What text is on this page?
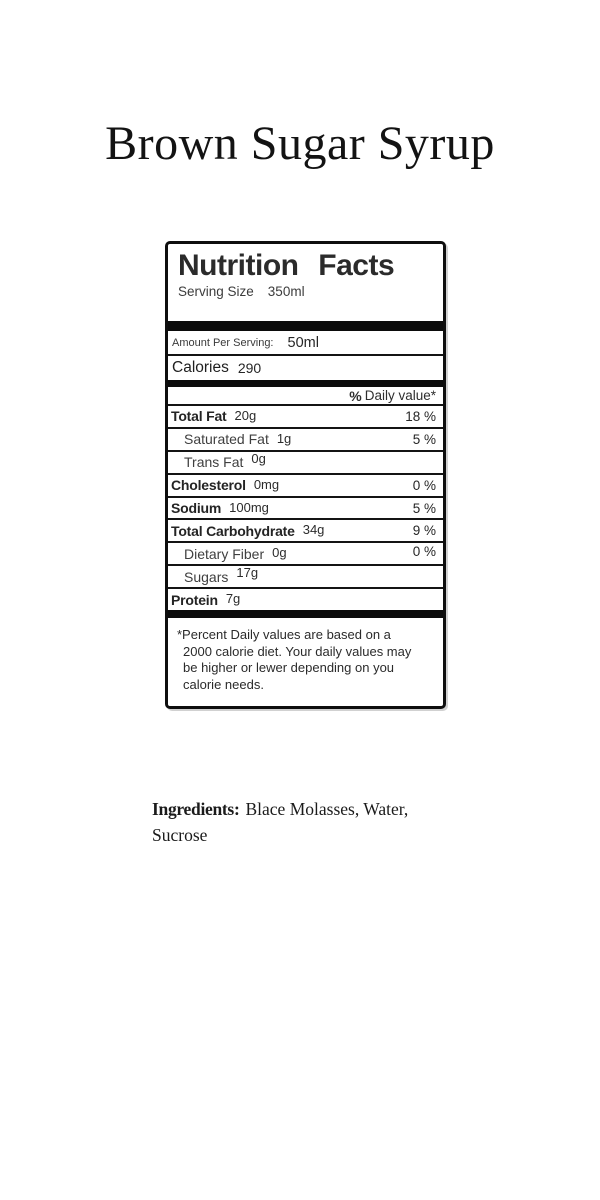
Brown Sugar Syrup
Nutrition Facts
Serving Size 350ml
Amount Per Serving: 50ml
Calories 290
% Daily value*
Total Fat 20g	18 %
Saturated Fat 1g	5 %
Trans Fat 0g
Cholesterol 0mg	0 %
Sodium 100mg	5 %
Total Carbohydrate 34g	9 %
Dietary Fiber 0g	0 %
Sugars 17g
Protein 7g
*Percent Daily values are based on a
2000 calorie diet. Your daily values may
be higher or lewer depending on you
calorie needs.

Ingredients: Blace Molasses, Water, Sucrose
